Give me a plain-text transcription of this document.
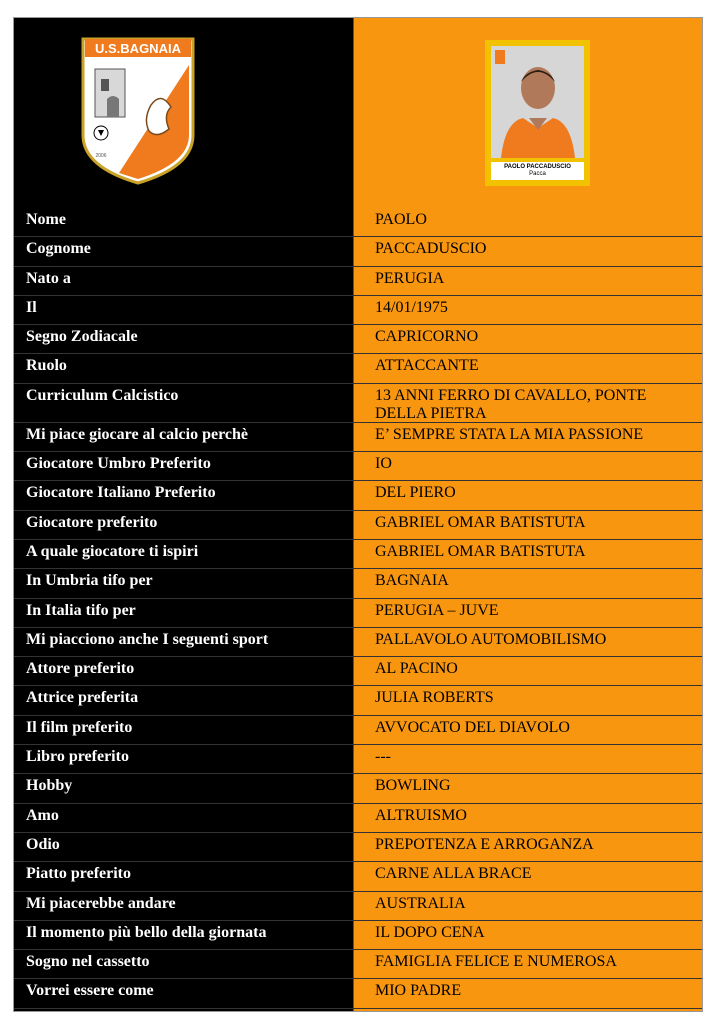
U.S.BAGNAIA
2006
PAOLO PACCADUSCIO
Pacca
Nome	PAOLO
Cognome	PACCADUSCIO
Nato a	PERUGIA
Il	14/01/1975
Segno Zodiacale	CAPRICORNO
Ruolo	ATTACCANTE
Curriculum Calcistico	13 ANNI FERRO DI CAVALLO, PONTE DELLA PIETRA
Mi piace giocare al calcio perchè	E’ SEMPRE STATA LA MIA PASSIONE
Giocatore Umbro Preferito	IO
Giocatore Italiano Preferito	DEL PIERO
Giocatore preferito	GABRIEL OMAR BATISTUTA
A quale giocatore ti ispiri	GABRIEL OMAR BATISTUTA
In Umbria tifo per	BAGNAIA
In Italia tifo per	PERUGIA – JUVE
Mi piacciono anche I seguenti sport	PALLAVOLO AUTOMOBILISMO
Attore preferito	AL PACINO
Attrice preferita	JULIA ROBERTS
Il film preferito	AVVOCATO DEL DIAVOLO
Libro preferito	---
Hobby	BOWLING
Amo	ALTRUISMO
Odio	PREPOTENZA E ARROGANZA
Piatto preferito	CARNE ALLA BRACE
Mi piacerebbe andare	AUSTRALIA
Il momento più bello della giornata	IL DOPO CENA
Sogno nel cassetto	FAMIGLIA FELICE E NUMEROSA
Vorrei essere come	MIO PADRE
